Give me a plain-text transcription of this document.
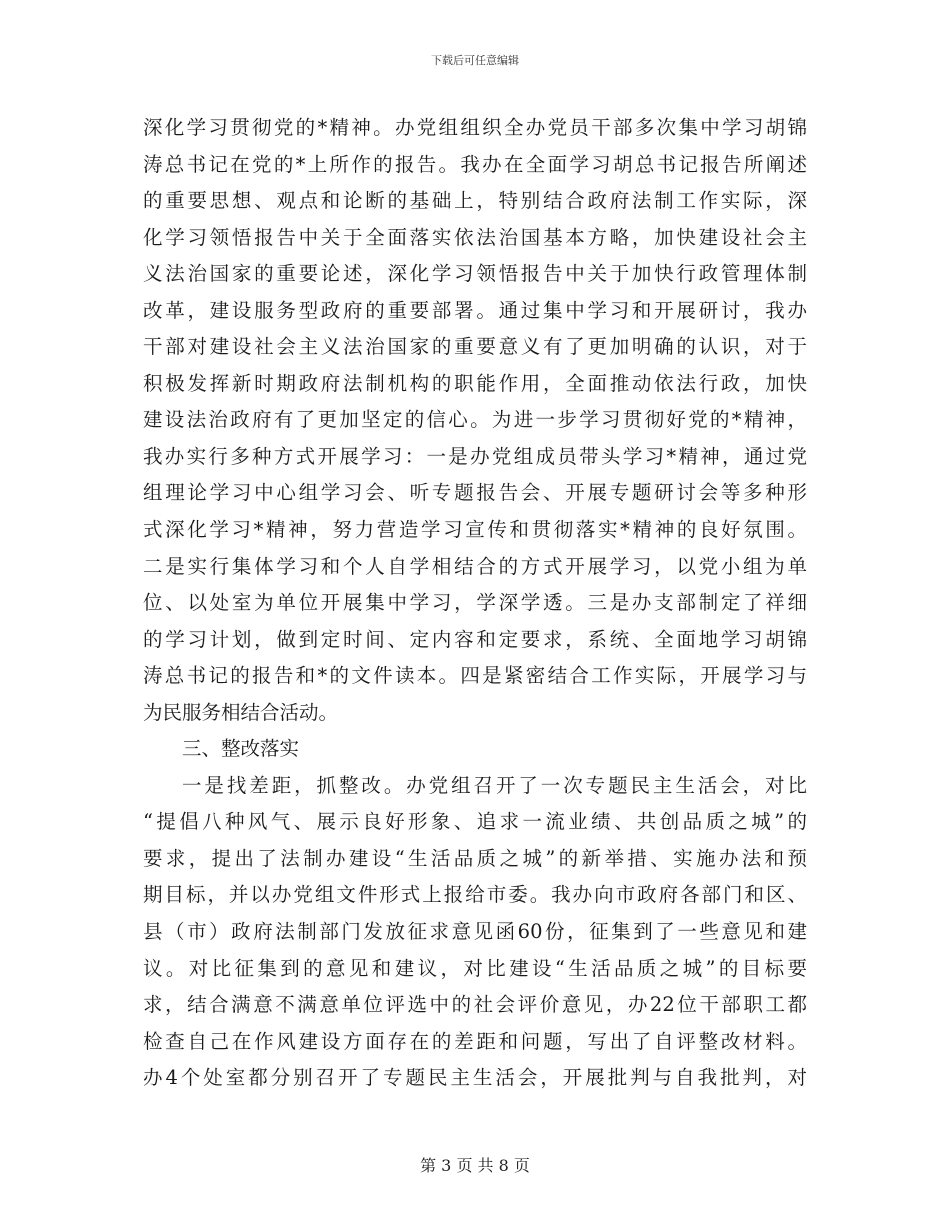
下载后可任意编辑
深化学习贯彻党的*精神。办党组组织全办党员干部多次集中学习胡锦
涛总书记在党的*上所作的报告。我办在全面学习胡总书记报告所阐述
的重要思想、观点和论断的基础上，特别结合政府法制工作实际，深
化学习领悟报告中关于全面落实依法治国基本方略，加快建设社会主
义法治国家的重要论述，深化学习领悟报告中关于加快行政管理体制
改革，建设服务型政府的重要部署。通过集中学习和开展研讨，我办
干部对建设社会主义法治国家的重要意义有了更加明确的认识，对于
积极发挥新时期政府法制机构的职能作用，全面推动依法行政，加快
建设法治政府有了更加坚定的信心。为进一步学习贯彻好党的*精神，
我办实行多种方式开展学习：一是办党组成员带头学习*精神，通过党
组理论学习中心组学习会、听专题报告会、开展专题研讨会等多种形
式深化学习*精神，努力营造学习宣传和贯彻落实*精神的良好氛围。
二是实行集体学习和个人自学相结合的方式开展学习，以党小组为单
位、以处室为单位开展集中学习，学深学透。三是办支部制定了祥细
的学习计划，做到定时间、定内容和定要求，系统、全面地学习胡锦
涛总书记的报告和*的文件读本。四是紧密结合工作实际，开展学习与
为民服务相结合活动。
三、整改落实
一是找差距，抓整改。办党组召开了一次专题民主生活会，对比
“提倡八种风气、展示良好形象、追求一流业绩、共创品质之城”的
要求，提出了法制办建设“生活品质之城”的新举措、实施办法和预
期目标，并以办党组文件形式上报给市委。我办向市政府各部门和区、
县（市）政府法制部门发放征求意见函60份，征集到了一些意见和建
议。对比征集到的意见和建议，对比建设“生活品质之城”的目标要
求，结合满意不满意单位评选中的社会评价意见，办22位干部职工都
检查自己在作风建设方面存在的差距和问题，写出了自评整改材料。
办4个处室都分别召开了专题民主生活会，开展批判与自我批判，对
第 3 页 共 8 页
